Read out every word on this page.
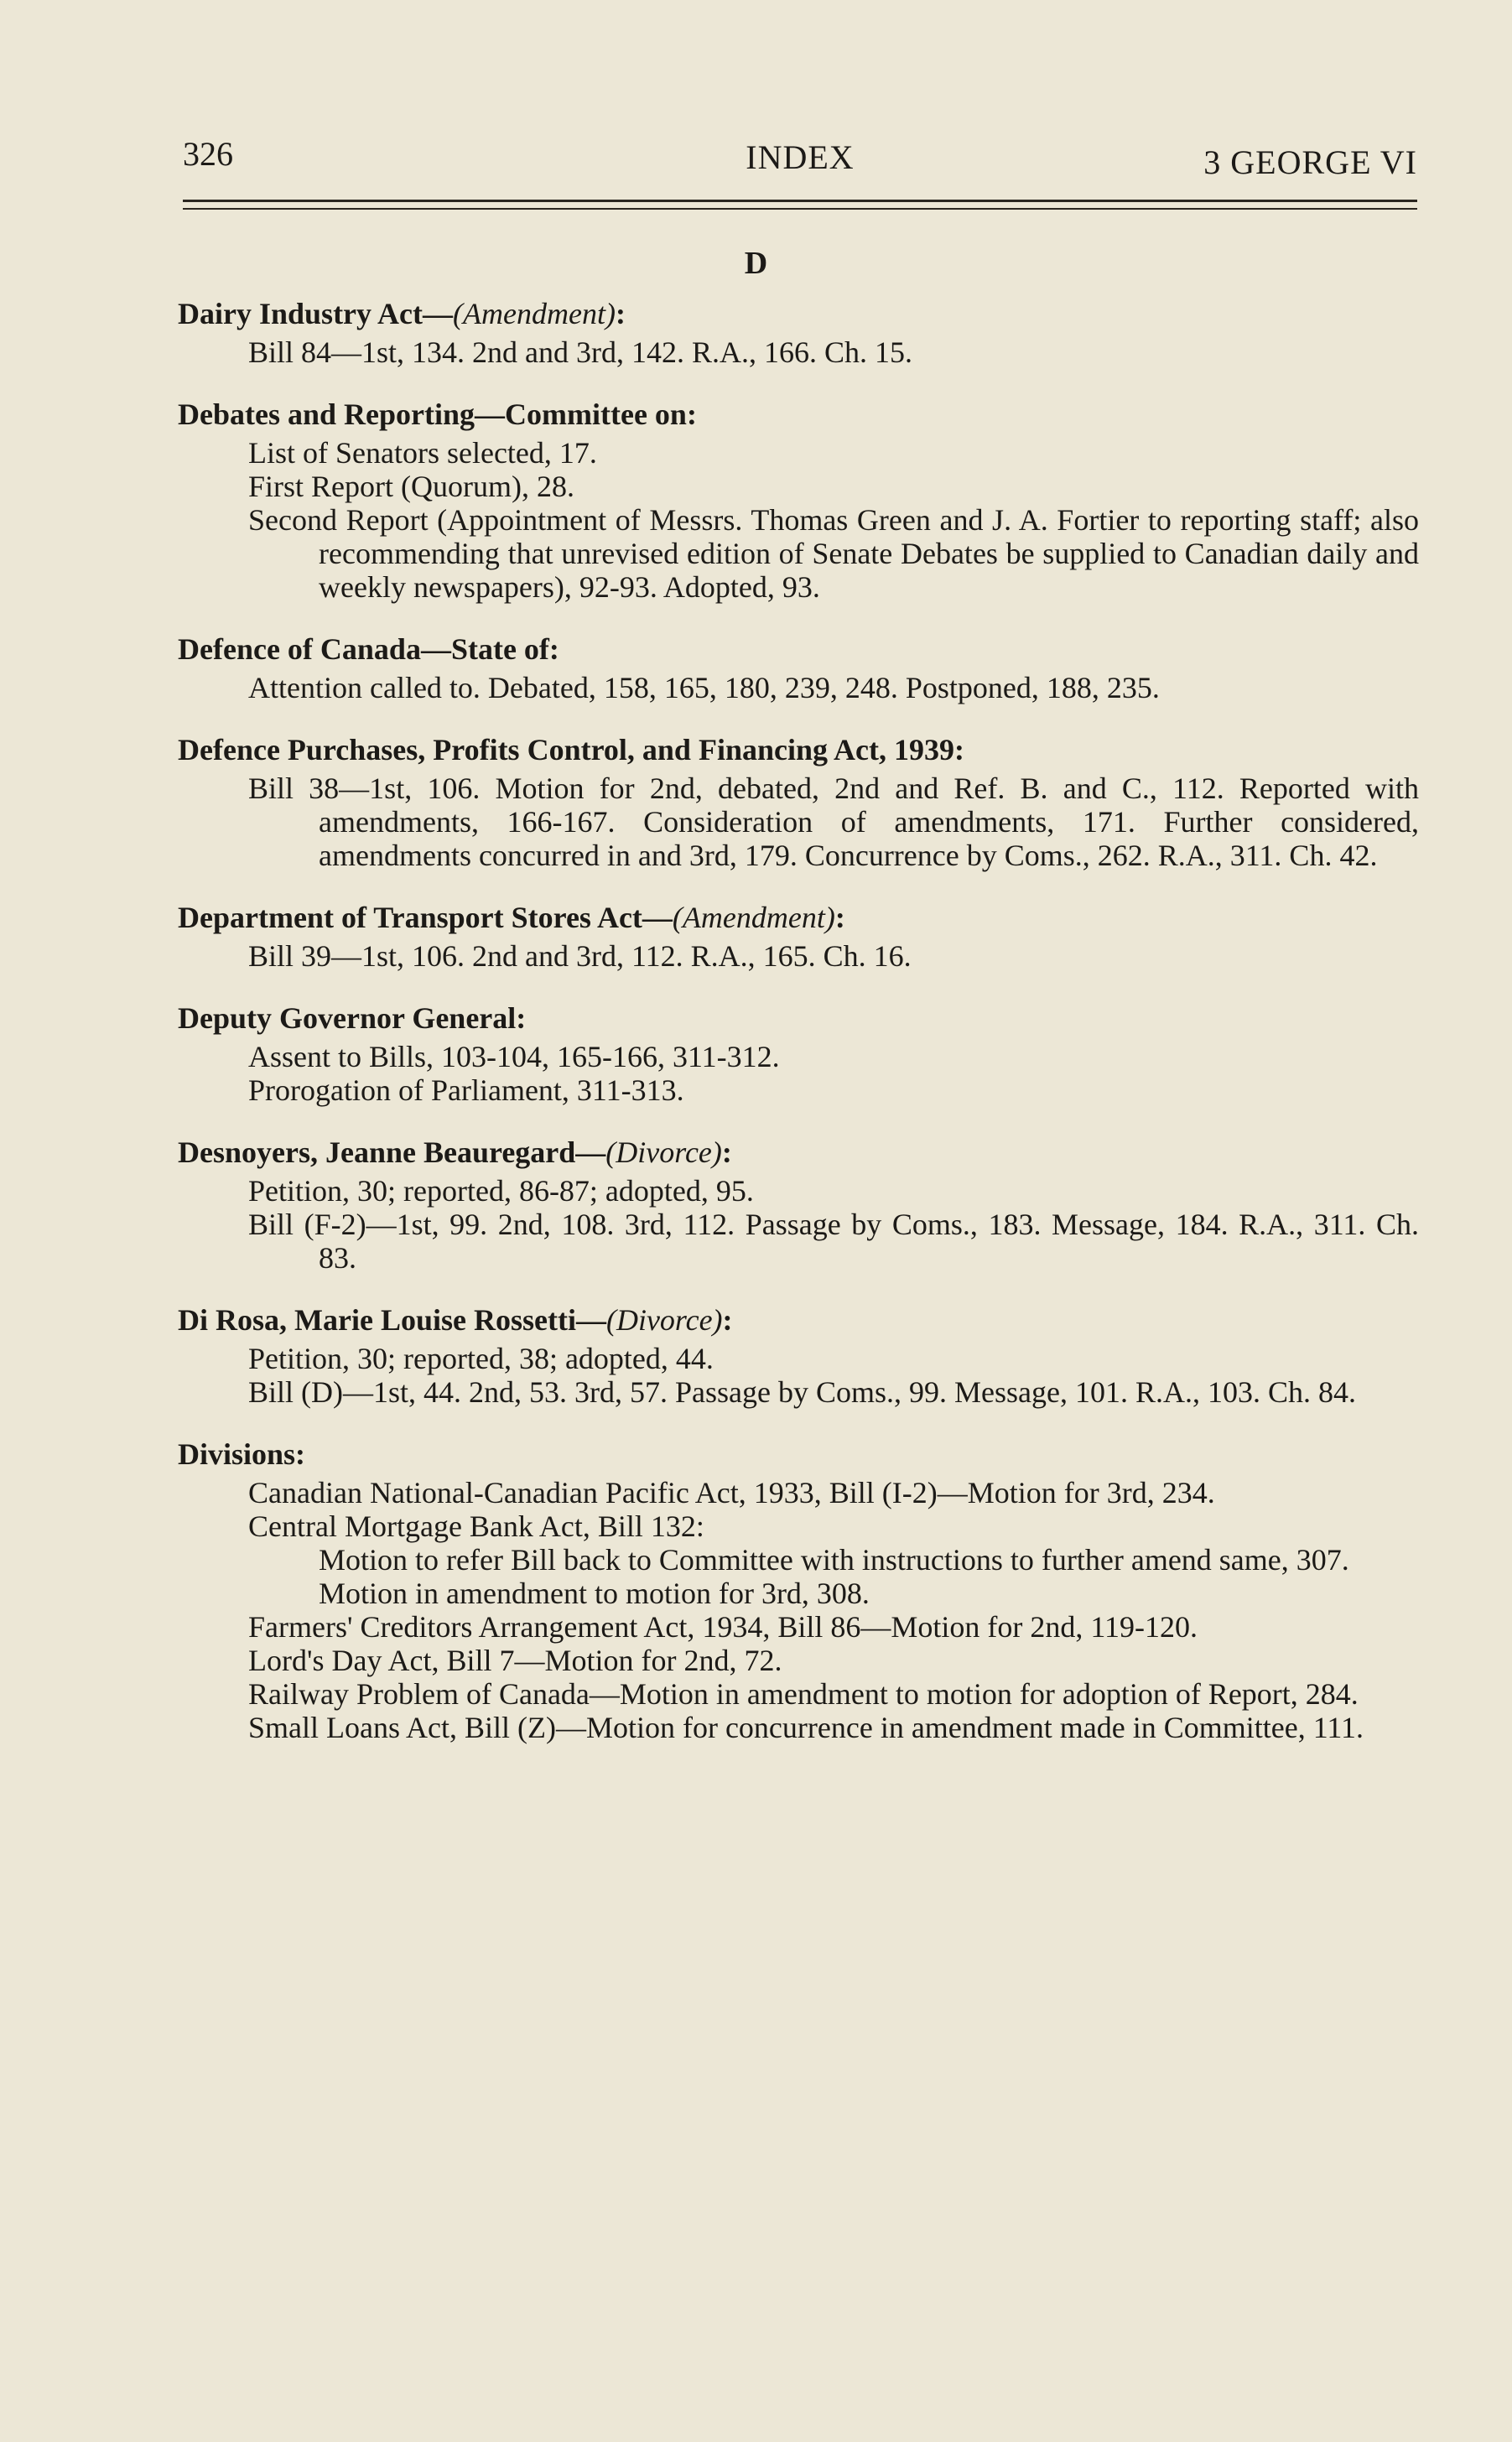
326	INDEX	3 GEORGE VI
D
Dairy Industry Act—(Amendment):
Bill 84—1st, 134. 2nd and 3rd, 142. R.A., 166. Ch. 15.
Debates and Reporting—Committee on:
List of Senators selected, 17.
First Report (Quorum), 28.
Second Report (Appointment of Messrs. Thomas Green and J. A. Fortier to reporting staff; also recommending that unrevised edition of Senate Debates be supplied to Canadian daily and weekly newspapers), 92-93. Adopted, 93.
Defence of Canada—State of:
Attention called to. Debated, 158, 165, 180, 239, 248. Postponed, 188, 235.
Defence Purchases, Profits Control, and Financing Act, 1939:
Bill 38—1st, 106. Motion for 2nd, debated, 2nd and Ref. B. and C., 112. Reported with amendments, 166-167. Consideration of amendments, 171. Further considered, amendments concurred in and 3rd, 179. Concurrence by Coms., 262. R.A., 311. Ch. 42.
Department of Transport Stores Act—(Amendment):
Bill 39—1st, 106. 2nd and 3rd, 112. R.A., 165. Ch. 16.
Deputy Governor General:
Assent to Bills, 103-104, 165-166, 311-312.
Prorogation of Parliament, 311-313.
Desnoyers, Jeanne Beauregard—(Divorce):
Petition, 30; reported, 86-87; adopted, 95.
Bill (F-2)—1st, 99. 2nd, 108. 3rd, 112. Passage by Coms., 183. Message, 184. R.A., 311. Ch. 83.
Di Rosa, Marie Louise Rossetti—(Divorce):
Petition, 30; reported, 38; adopted, 44.
Bill (D)—1st, 44. 2nd, 53. 3rd, 57. Passage by Coms., 99. Message, 101. R.A., 103. Ch. 84.
Divisions:
Canadian National-Canadian Pacific Act, 1933, Bill (I-2)—Motion for 3rd, 234.
Central Mortgage Bank Act, Bill 132:
Motion to refer Bill back to Committee with instructions to further amend same, 307.
Motion in amendment to motion for 3rd, 308.
Farmers' Creditors Arrangement Act, 1934, Bill 86—Motion for 2nd, 119-120.
Lord's Day Act, Bill 7—Motion for 2nd, 72.
Railway Problem of Canada—Motion in amendment to motion for adoption of Report, 284.
Small Loans Act, Bill (Z)—Motion for concurrence in amendment made in Committee, 111.
